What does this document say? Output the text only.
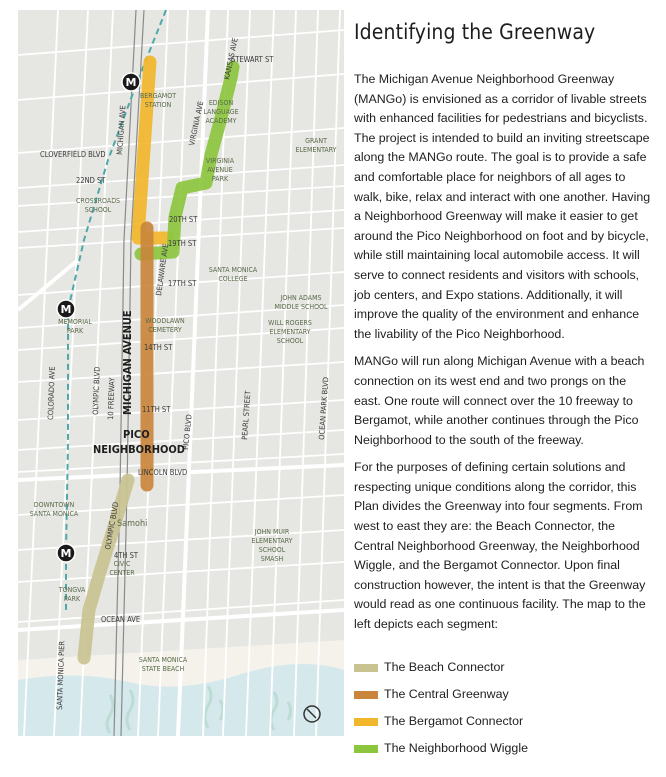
M
M
M
STEWART ST
KANSAS AVE
VIRGINIA AVE
CLOVERFIELD BLVD
22ND ST
20TH ST
19TH ST
DELAWARE AVE
17TH ST
14TH ST
11TH ST
LINCOLN BLVD
OLYMPIC BLVD 10 FREEWAY
PICO BLVD
COLORADO AVE
4TH ST
OCEAN AVE
PEARL STREET	OCEAN PARK BLVD
MICHIGAN AVE
MICHIGAN AVENUE
OLYMPIC BLVD
SANTA MONICA PIER
BERGAMOT STATION	EDISON LANGUAGE ACADEMY
GRANT ELEMENTARY
VIRGINIA AVENUE PARK
CROSSROADS SCHOOL
SANTA MONICA COLLEGE
JOHN ADAMS MIDDLE SCHOOL
WILL ROGERS ELEMENTARY SCHOOL
MEMORIAL PARK
WOODLAWN CEMETERY
PICO NEIGHBORHOOD
DOWNTOWN SANTA MONICA
Samohi
CIVIC CENTER
JOHN MUIR ELEMENTARY SCHOOL SMASH
TONGVA PARK
SANTA MONICA STATE BEACH
Identifying the Greenway

The Michigan Avenue Neighborhood Greenway (MANGo) is envisioned as a corridor of livable streets with enhanced facilities for pedestrians and bicyclists. The project is intended to build an inviting streetscape along the MANGo route. The goal is to provide a safe and comfortable place for neighbors of all ages to walk, bike, relax and interact with one another. Having a Neighborhood Greenway will make it easier to get around the Pico Neighborhood on foot and by bicycle, while still maintaining local automobile access. It will serve to connect residents and visitors with schools, job centers, and Expo stations. Additionally, it will improve the quality of the environment and enhance the livability of the Pico Neighborhood.

MANGo will run along Michigan Avenue with a beach connection on its west end and two prongs on the east. One route will connect over the 10 freeway to Bergamot, while another continues through the Pico Neighborhood to the south of the freeway.

For the purposes of defining certain solutions and respecting unique conditions along the corridor, this Plan divides the Greenway into four segments. From west to east they are: the Beach Connector, the Central Neighborhood Greenway, the Neighborhood Wiggle, and the Bergamot Connector. Upon final construction however, the intent is that the Greenway would read as one continuous facility. The map to the left depicts each segment:

The Beach Connector
The Central Greenway
The Bergamot Connector
The Neighborhood Wiggle
